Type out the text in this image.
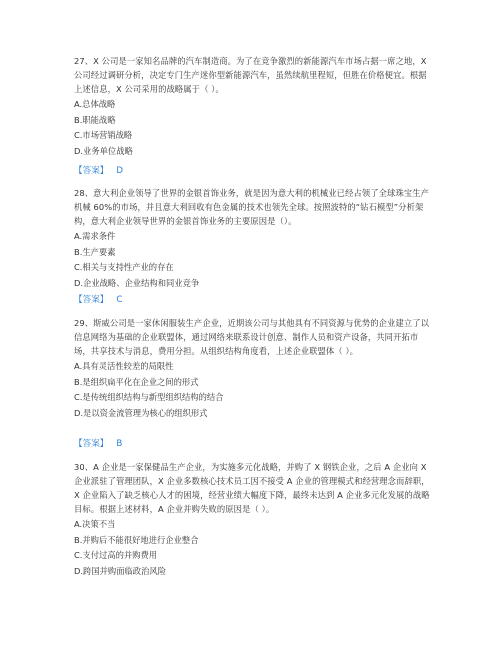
27、X 公司是一家知名品牌的汽车制造商。为了在竞争激烈的新能源汽车市场占据一席之地，X 公司经过调研分析，决定专门生产迷你型新能源汽车，虽然续航里程短，但胜在价格便宜。根据上述信息，X 公司采用的战略属于（ ）。

A.总体战略

B.职能战略

C.市场营销战略

D.业务单位战略

【答案】 D

28、意大利企业领导了世界的金银首饰业务，就是因为意大利的机械业已经占领了全球珠宝生产机械 60%的市场，并且意大利回收有色金属的技术也领先全球。按照波特的“钻石模型”分析架构，意大利企业领导世界的金银首饰业务的主要原因是（）。

A.需求条件

B.生产要素

C.相关与支持性产业的存在

D.企业战略、企业结构和同业竞争

【答案】 C

29、斯威公司是一家休闲服装生产企业，近期该公司与其他具有不同资源与优势的企业建立了以信息网络为基础的企业联盟体，通过网络来联系设计创意、制作人员和资产设备，共同开拓市场，共享技术与消息，费用分担。从组织结构角度看，上述企业联盟体（ ）。

A.具有灵活性较差的局限性

B.是组织扁平化在企业之间的形式

C.是传统组织结构与新型组织结构的结合

D.是以资金流管理为核心的组织形式

【答案】 B

30、A 企业是一家保健品生产企业，为实施多元化战略，并购了 X 钢铁企业，之后 A 企业向 X 企业派驻了管理团队，X 企业多数核心技术员工因不接受 A 企业的管理模式和经营理念而辞职，X 企业陷入了缺乏核心人才的困境，经营业绩大幅度下降，最终未达到 A 企业多元化发展的战略目标。根据上述材料，A 企业并购失败的原因是（ ）。

A.决策不当

B.并购后不能很好地进行企业整合

C.支付过高的并购费用

D.跨国并购面临政治风险
